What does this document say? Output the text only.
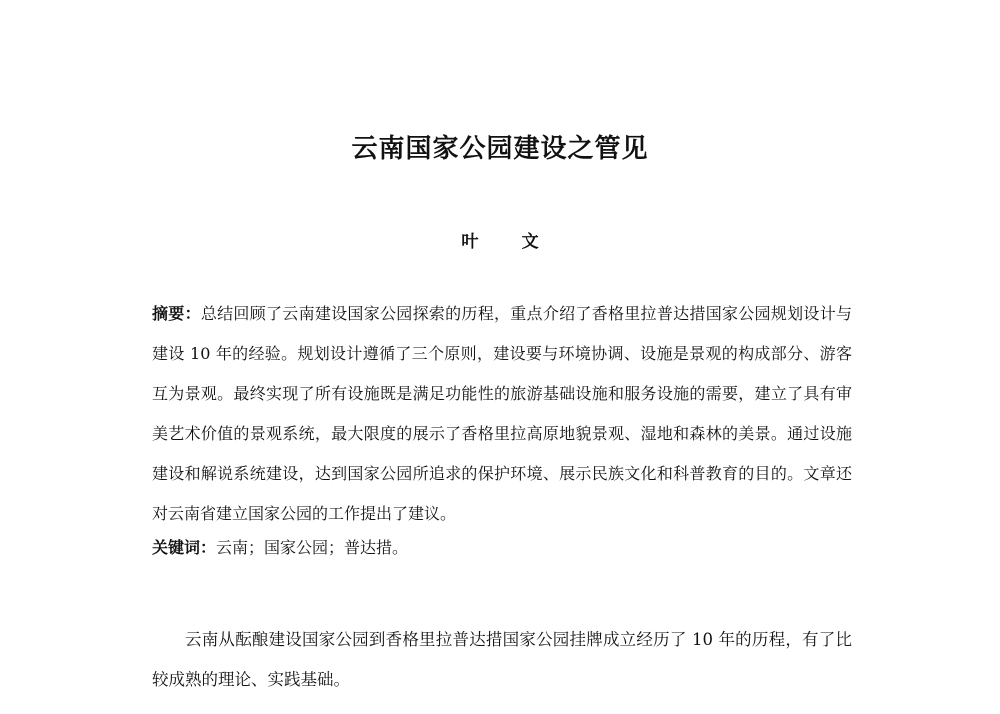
云南国家公园建设之管见
叶 文

摘要：总结回顾了云南建设国家公园探索的历程，重点介绍了香格里拉普达措国家公园规划设计与建设 10 年的经验。规划设计遵循了三个原则，建设要与环境协调、设施是景观的构成部分、游客互为景观。最终实现了所有设施既是满足功能性的旅游基础设施和服务设施的需要，建立了具有审美艺术价值的景观系统，最大限度的展示了香格里拉高原地貌景观、湿地和森林的美景。通过设施建设和解说系统建设，达到国家公园所追求的保护环境、展示民族文化和科普教育的目的。文章还对云南省建立国家公园的工作提出了建议。

关键词：云南；国家公园；普达措。

云南从酝酿建设国家公园到香格里拉普达措国家公园挂牌成立经历了 10 年的历程，有了比较成熟的理论、实践基础。
